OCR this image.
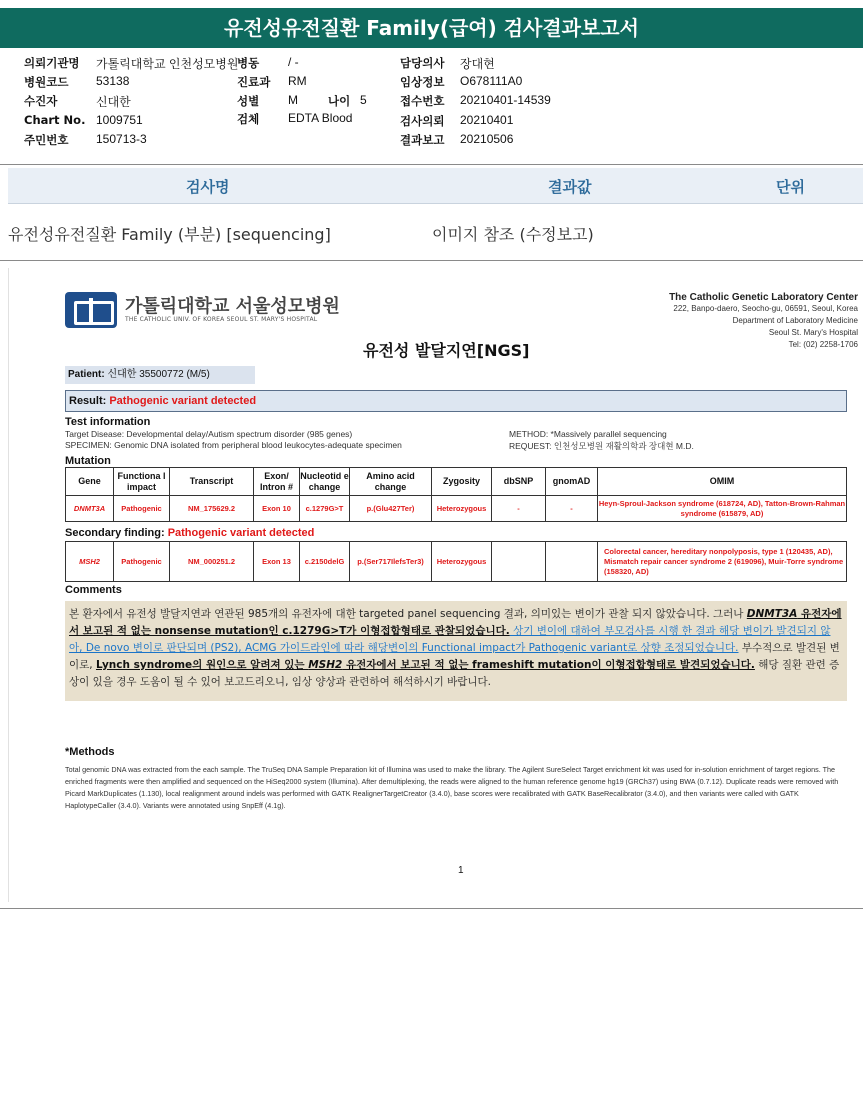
유전성유전질환 Family(급여) 검사결과보고서
의뢰기관명 가톨릭대학교 인천성모병원
병동 / -	담당의사 장대현
병원코드 53138	진료과 RM	임상정보 O678111A0
수진자	신대한	성별 M	나이 5	접수번호 20210401-14539
Chart No. 1009751	검체 EDTA Blood	검사의뢰 20210401
주민번호 150713-3	결과보고 20210506
검사명	결과값	단위
유전성유전질환 Family (부분) [sequencing]	이미지 참조 (수정보고)
가톨릭대학교 서울성모병원
THE CATHOLIC UNIV. OF KOREA SEOUL ST. MARY'S HOSPITAL
The Catholic Genetic Laboratory Center
222, Banpo-daero, Seocho-gu, 06591, Seoul, Korea
Department of Laboratory Medicine
Seoul St. Mary's Hospital
Tel: (02) 2258-1706
유전성 발달지연[NGS]
Patient: 신대한 35500772 (M/5)
Result: Pathogenic variant detected
Test information
Target Disease: Developmental delay/Autism spectrum disorder (985 genes)
SPECIMEN: Genomic DNA isolated from peripheral blood leukocytes-adequate specimen
METHOD: *Massively parallel sequencing
REQUEST: 인천성모병원 재활의학과 장대현 M.D.
Mutation
Gene	Functiona l impact	Transcript	Exon/ Intron #	Nucleotid e change	Amino acid change	Zygosity	dbSNP	gnomAD	OMIM
DNMT3A	Pathogenic	NM_175629.2	Exon 10	c.1279G>T	p.(Glu427Ter)	Heterozygous	-	-	Heyn-Sproul-Jackson syndrome (618724, AD), Tatton-Brown-Rahman syndrome (615879, AD)
Secondary finding: Pathogenic variant detected
MSH2	Pathogenic	NM_000251.2	Exon 13	c.2150delG	p.(Ser717IlefsTer3)	Heterozygous			Colorectal cancer, hereditary nonpolyposis, type 1 (120435, AD), Mismatch repair cancer syndrome 2 (619096), Muir-Torre syndrome (158320, AD)
Comments
본 환자에서 유전성 발달지연과 연관된 985개의 유전자에 대한 targeted panel sequencing 결과, 의미있는 변이가 관찰 되지 않았습니다. 그러나 DNMT3A 유전자에서 보고된 적 없는 nonsense mutation인 c.1279G>T가 이형접합형태로 관찰되었습니다. 상기 변이에 대하여 부모검사를 시행 한 결과 해당 변이가 발견되지 않아, De novo 변이로 판단되며 (PS2), ACMG 가이드라인에 따라 해당변이의 Functional impact가 Pathogenic variant로 상향 조정되었습니다. 부수적으로 발견된 변이로, Lynch syndrome의 원인으로 알려져 있는 MSH2 유전자에서 보고된 적 없는 frameshift mutation이 이형접합형태로 발견되었습니다. 해당 질환 관련 증상이 있을 경우 도움이 될 수 있어 보고드리오니, 임상 양상과 관련하여 해석하시기 바랍니다.
*Methods
Total genomic DNA was extracted from the each sample. The TruSeq DNA Sample Preparation kit of Illumina was used to make the library. The Agilent SureSelect Target enrichment kit was used for in-solution enrichment of target regions. The enriched fragments were then amplified and sequenced on the HiSeq2000 system (Illumina). After demultiplexing, the reads were aligned to the human reference genome hg19 (GRCh37) using BWA (0.7.12). Duplicate reads were removed with Picard MarkDuplicates (1.130), local realignment around indels was performed with GATK RealignerTargetCreator (3.4.0), base scores were recalibrated with GATK BaseRecalibrator (3.4.0), and then variants were called with GATK HaplotypeCaller (3.4.0). Variants were annotated using SnpEff (4.1g).
1
